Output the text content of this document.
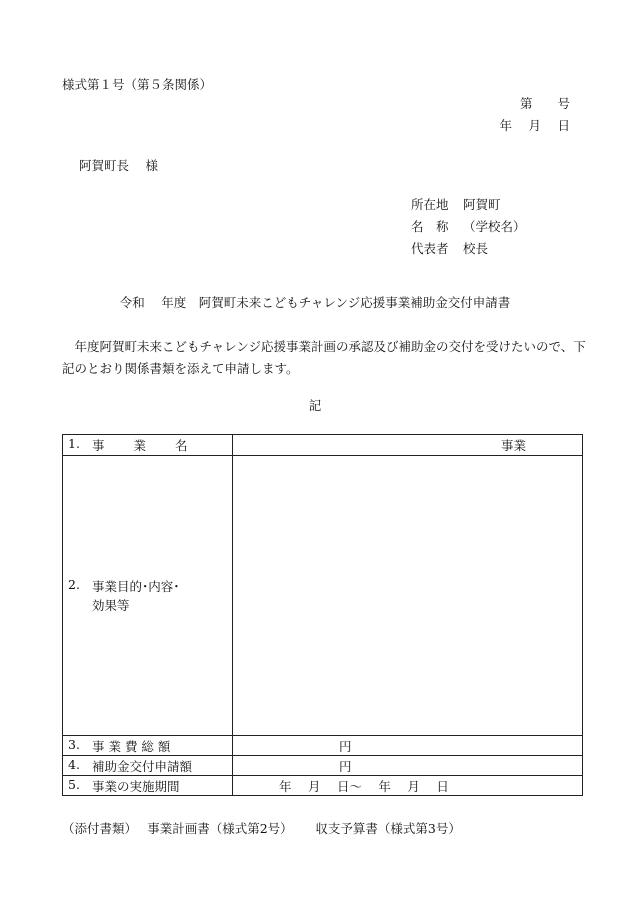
様式第１号（第５条関係）
第　　号
年　 月　 日
阿賀町長　 様
所在地 阿賀町
名　称 （学校名）
代表者 校長
令和　 年度　阿賀町未来こどもチャレンジ応援事業補助金交付申請書
　年度阿賀町未来こどもチャレンジ応援事業計画の承認及び補助金の交付を受けたいので、下記のとおり関係書類を添えて申請します。
記
1. 事　　 業　　 名	事業

2. 事業目的･内容･
効果等	

3. 事 業 費 総 額	円

4. 補助金交付申請額	円

5. 事業の実施期間	年　 月　 日～　 年　 月　 日
（添付書類）　 事業計画書（様式第2号）　　 収支予算書（様式第3号）
